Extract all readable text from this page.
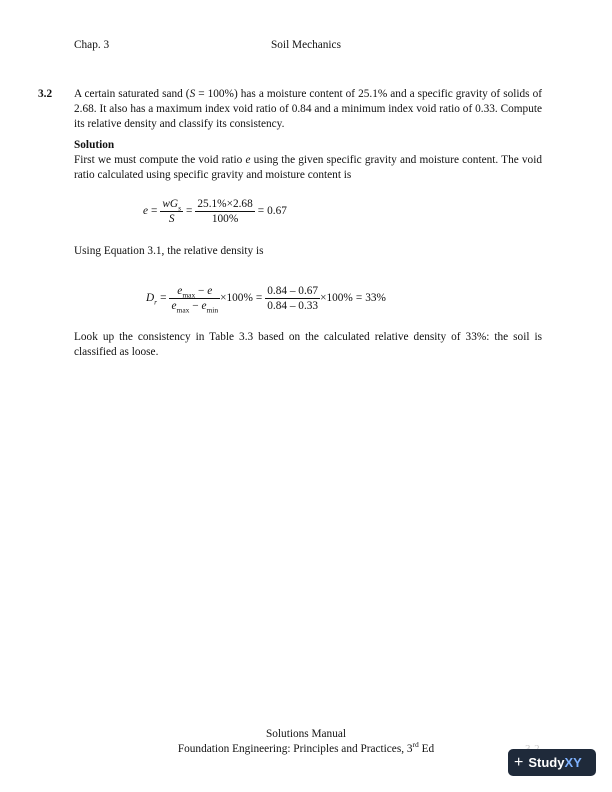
Chap. 3	Soil Mechanics
3.2 A certain saturated sand (S = 100%) has a moisture content of 25.1% and a specific gravity of solids of 2.68. It also has a maximum index void ratio of 0.84 and a minimum index void ratio of 0.33. Compute its relative density and classify its consistency.
Solution
First we must compute the void ratio e using the given specific gravity and moisture content. The void ratio calculated using specific gravity and moisture content is
$e = \frac{wG_s}{S} = \frac{25.1\%\times 2.68}{100\%} = 0.67$
Using Equation 3.1, the relative density is
$D_r = \frac{e_{max} - e}{e_{max} - e_{min}} \times 100\% = \frac{0.84 - 0.67}{0.84 - 0.33} \times 100\% = 33\%$
Look up the consistency in Table 3.3 based on the calculated relative density of 33%: the soil is classified as loose.
Solutions Manual
Foundation Engineering: Principles and Practices, 3rd Ed
+ Study XY
